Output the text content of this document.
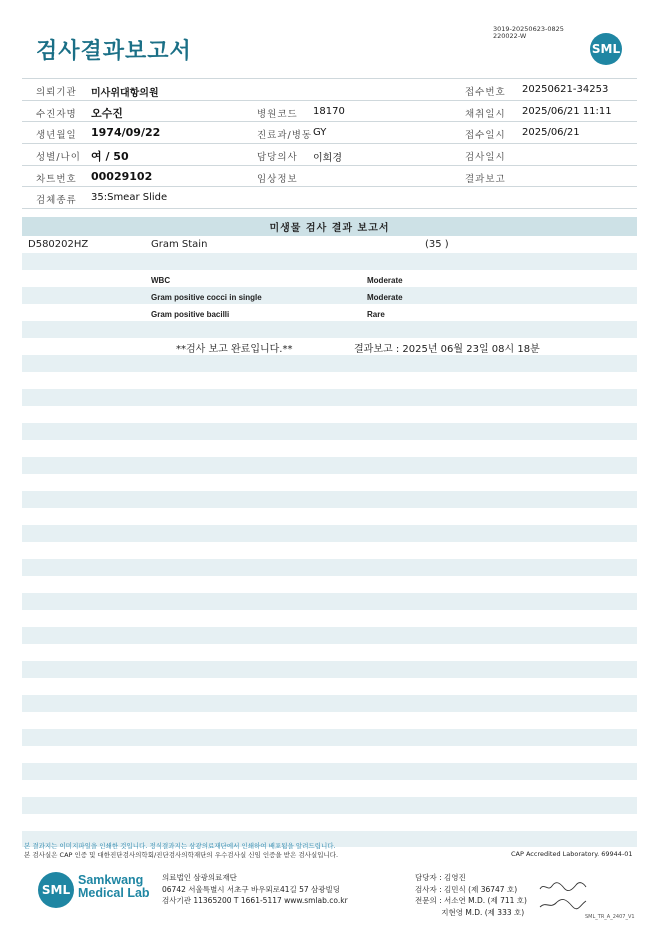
검사결과보고서
3019-20250623-0825
220022-W
SML
의뢰기관 미사위대항의원	접수번호 20250621-34253
수진자명 오수진	병원코드 18170	채취일시 2025/06/21 11:11
생년월일 1974/09/22	진료과/병동 GY	접수일시 2025/06/21
성별/나이 여 / 50	담당의사 이희경	검사일시
차트번호 00029102	임상정보	결과보고
검체종류 35:Smear Slide
미생물 검사 결과 보고서
D580202HZ	Gram Stain	(35 )
WBC	Moderate
Gram positive cocci in single	Moderate
Gram positive bacilli	Rare
**검사 보고 완료입니다.**	결과보고 : 2025년 06월 23일 08시 18분
본 결과지는 이미지파일을 인쇄한 것입니다. 정식결과지는 삼광의료재단에서 인쇄하여 배포됨을 알려드립니다.
본 검사실은 CAP 인증 및 대한진단검사의학회/진단검사의학재단의 우수검사실 신임 인증을 받은 검사실입니다.	CAP Accredited Laboratory. 69944-01
SML
Samkwang
Medical Lab
의료법인 삼광의료재단
06742 서울특별시 서초구 바우뫼로41길 57 삼광빌딩
검사기관 11365200 T 1661-5117 www.smlab.co.kr
담당자 : 김영진
검사자 : 김민식 (제 36747 호)
전문의 : 서소연 M.D. (제 711 호)
지현영 M.D. (제 333 호)
SML_TR_A_2407_V1
